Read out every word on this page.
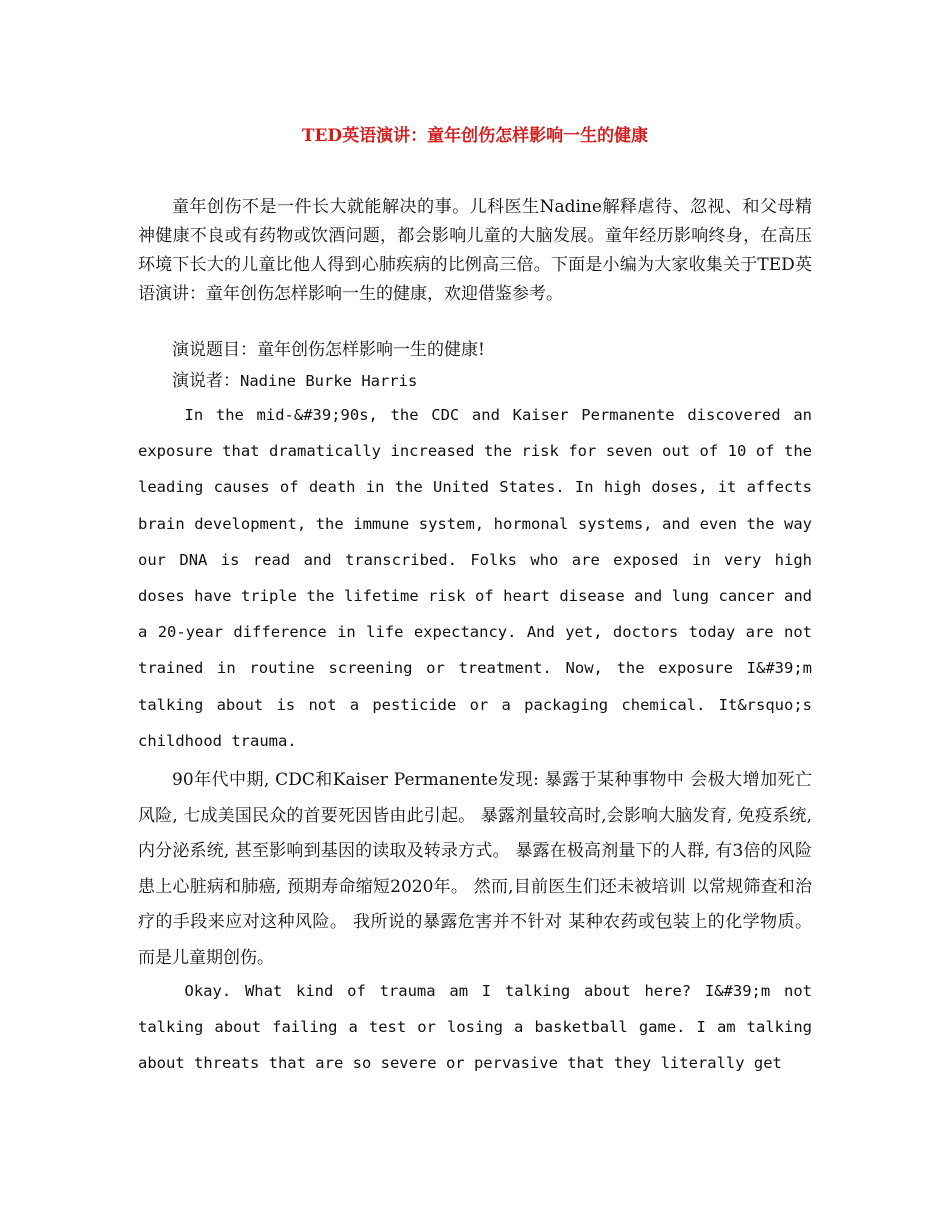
TED英语演讲：童年创伤怎样影响一生的健康

童年创伤不是一件长大就能解决的事。儿科医生Nadine解释虐待、忽视、和父母精神健康不良或有药物或饮酒问题，都会影响儿童的大脑发展。童年经历影响终身，在高压环境下长大的儿童比他人得到心肺疾病的比例高三倍。下面是小编为大家收集关于TED英语演讲：童年创伤怎样影响一生的健康，欢迎借鉴参考。

演说题目：童年创伤怎样影响一生的健康!

演说者：Nadine Burke Harris

In the mid-&#39;90s, the CDC and Kaiser Permanente discovered an exposure that dramatically increased the risk for seven out of 10 of the leading causes of death in the United States. In high doses, it affects brain development, the immune system, hormonal systems, and even the way our DNA is read and transcribed. Folks who are exposed in very high doses have triple the lifetime risk of heart disease and lung cancer and a 20-year difference in life expectancy. And yet, doctors today are not trained in routine screening or treatment. Now, the exposure I&#39;m talking about is not a pesticide or a packaging chemical. It&rsquo;s childhood trauma.

90年代中期, CDC和Kaiser Permanente发现: 暴露于某种事物中 会极大增加死亡风险, 七成美国民众的首要死因皆由此引起。 暴露剂量较高时,会影响大脑发育, 免疫系统,内分泌系统, 甚至影响到基因的读取及转录方式。 暴露在极高剂量下的人群, 有3倍的风险患上心脏病和肺癌, 预期寿命缩短2020年。 然而,目前医生们还未被培训 以常规筛查和治疗的手段来应对这种风险。 我所说的暴露危害并不针对 某种农药或包装上的化学物质。 而是儿童期创伤。

Okay. What kind of trauma am I talking about here? I&#39;m not talking about failing a test or losing a basketball game. I am talking about threats that are so severe or pervasive that they literally get
